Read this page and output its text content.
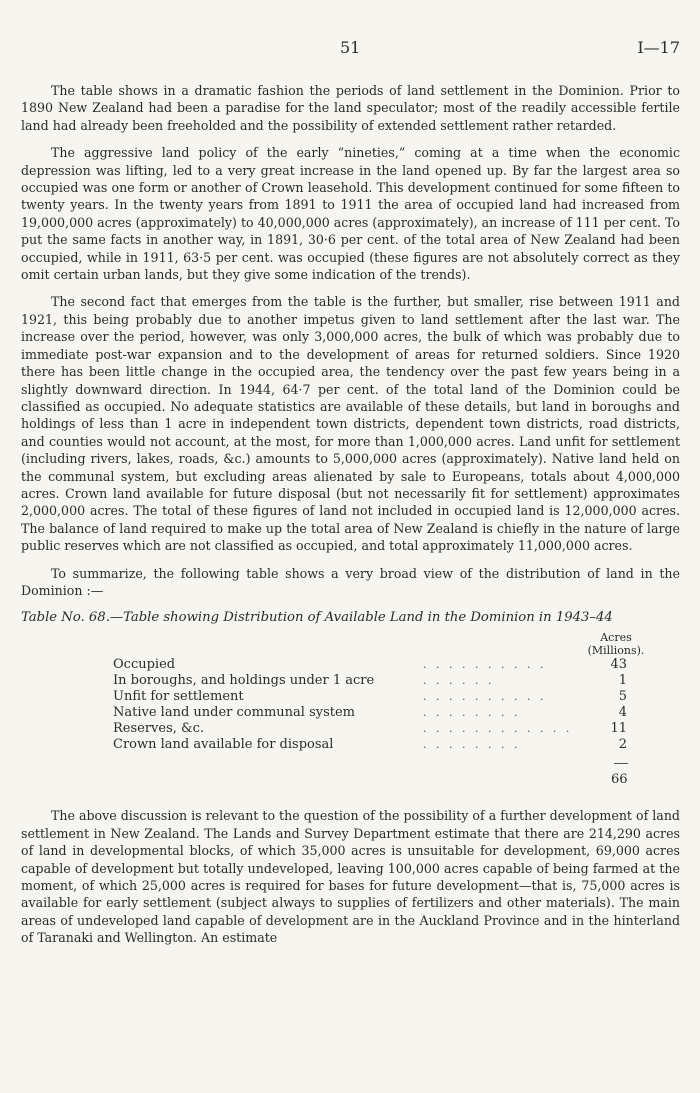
51	I—17

The table shows in a dramatic fashion the periods of land settlement in the Dominion. Prior to 1890 New Zealand had been a paradise for the land speculator; most of the readily accessible fertile land had already been freeholded and the possibility of extended settlement rather retarded.

The aggressive land policy of the early “nineties,” coming at a time when the economic depression was lifting, led to a very great increase in the land opened up. By far the largest area so occupied was one form or another of Crown leasehold. This development continued for some fifteen to twenty years. In the twenty years from 1891 to 1911 the area of occupied land had increased from 19,000,000 acres (approximately) to 40,000,000 acres (approximately), an increase of 111 per cent. To put the same facts in another way, in 1891, 30·6 per cent. of the total area of New Zealand had been occupied, while in 1911, 63·5 per cent. was occupied (these figures are not absolutely correct as they omit certain urban lands, but they give some indication of the trends).

The second fact that emerges from the table is the further, but smaller, rise between 1911 and 1921, this being probably due to another impetus given to land settlement after the last war. The increase over the period, however, was only 3,000,000 acres, the bulk of which was probably due to immediate post-war expansion and to the development of areas for returned soldiers. Since 1920 there has been little change in the occupied area, the tendency over the past few years being in a slightly downward direction. In 1944, 64·7 per cent. of the total land of the Dominion could be classified as occupied. No adequate statistics are available of these details, but land in boroughs and holdings of less than 1 acre in independent town districts, dependent town districts, road districts, and counties would not account, at the most, for more than 1,000,000 acres. Land unfit for settlement (including rivers, lakes, roads, &c.) amounts to 5,000,000 acres (approximately). Native land held on the communal system, but excluding areas alienated by sale to Europeans, totals about 4,000,000 acres. Crown land available for future disposal (but not necessarily fit for settlement) approximates 2,000,000 acres. The total of these figures of land not included in occupied land is 12,000,000 acres. The balance of land required to make up the total area of New Zealand is chiefly in the nature of large public reserves which are not classified as occupied, and total approximately 11,000,000 acres.

To summarize, the following table shows a very broad view of the distribution of land in the Dominion :—

Table No. 68.—Table showing Distribution of Available Land in the Dominion in 1943–44
Acres
(Millions).
Occupied	. . . . . . . . . .	43
In boroughs, and holdings under 1 acre	. . . . . .	1
Unfit for settlement	. . . . . . . . . .	5
Native land under communal system	. . . . . . . .	4
Reserves, &c.	. . . . . . . . . . . .	11
Crown land available for disposal	. . . . . . . .	2
66

The above discussion is relevant to the question of the possibility of a further development of land settlement in New Zealand. The Lands and Survey Department estimate that there are 214,290 acres of land in developmental blocks, of which 35,000 acres is unsuitable for development, 69,000 acres capable of development but totally undeveloped, leaving 100,000 acres capable of being farmed at the moment, of which 25,000 acres is required for bases for future development—that is, 75,000 acres is available for early settlement (subject always to supplies of fertilizers and other materials). The main areas of undeveloped land capable of development are in the Auckland Province and in the hinterland of Taranaki and Wellington. An estimate
